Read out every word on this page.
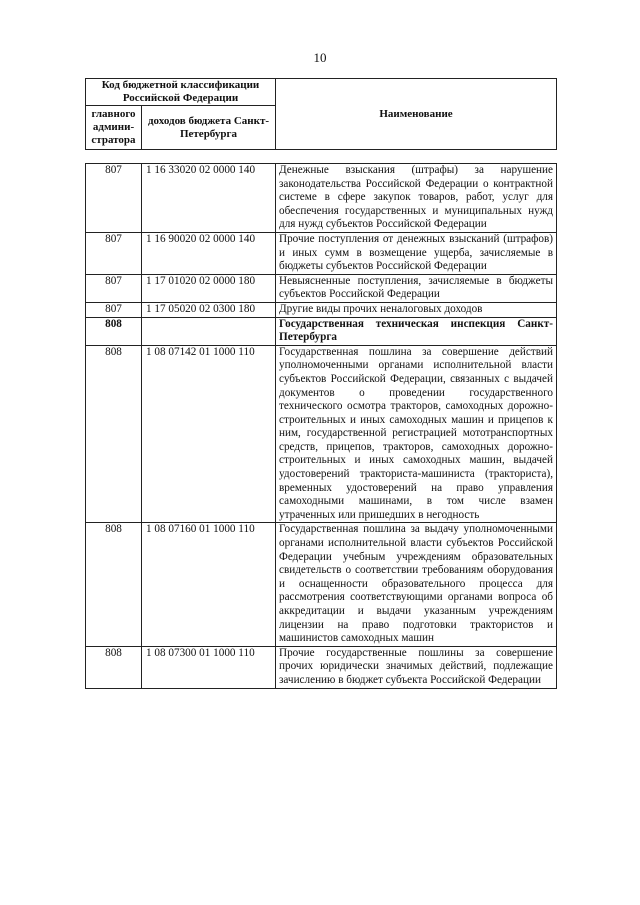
10
Код бюджетной классификации Российской Федерации		Наименование
главного админи-стратора	доходов бюджета Санкт-Петербурга	
807	1 16 33020 02 0000 140	Денежные взыскания (штрафы) за нарушение законодательства Российской Федерации о контрактной системе в сфере закупок товаров, работ, услуг для обеспечения государственных и муниципальных нужд для нужд субъектов Российской Федерации
807	1 16 90020 02 0000 140	Прочие поступления от денежных взысканий (штрафов) и иных сумм в возмещение ущерба, зачисляемые в бюджеты субъектов Российской Федерации
807	1 17 01020 02 0000 180	Невыясненные поступления, зачисляемые в бюджеты субъектов Российской Федерации
807	1 17 05020 02 0300 180	Другие виды прочих неналоговых доходов
808		Государственная техническая инспекция Санкт-Петербурга
808	1 08 07142 01 1000 110	Государственная пошлина за совершение действий уполномоченными органами исполнительной власти субъектов Российской Федерации, связанных с выдачей документов о проведении государственного технического осмотра тракторов, самоходных дорожно-строительных и иных самоходных машин и прицепов к ним, государственной регистрацией мототранспортных средств, прицепов, тракторов, самоходных дорожно-строительных и иных самоходных машин, выдачей удостоверений тракториста-машиниста (тракториста), временных удостоверений на право управления самоходными машинами, в том числе взамен утраченных или пришедших в негодность
808	1 08 07160 01 1000 110	Государственная пошлина за выдачу уполномоченными органами исполнительной власти субъектов Российской Федерации учебным учреждениям образовательных свидетельств о соответствии требованиям оборудования и оснащенности образовательного процесса для рассмотрения соответствующими органами вопроса об аккредитации и выдачи указанным учреждениям лицензии на право подготовки трактористов и машинистов самоходных машин
808	1 08 07300 01 1000 110	Прочие государственные пошлины за совершение прочих юридически значимых действий, подлежащие зачислению в бюджет субъекта Российской Федерации
